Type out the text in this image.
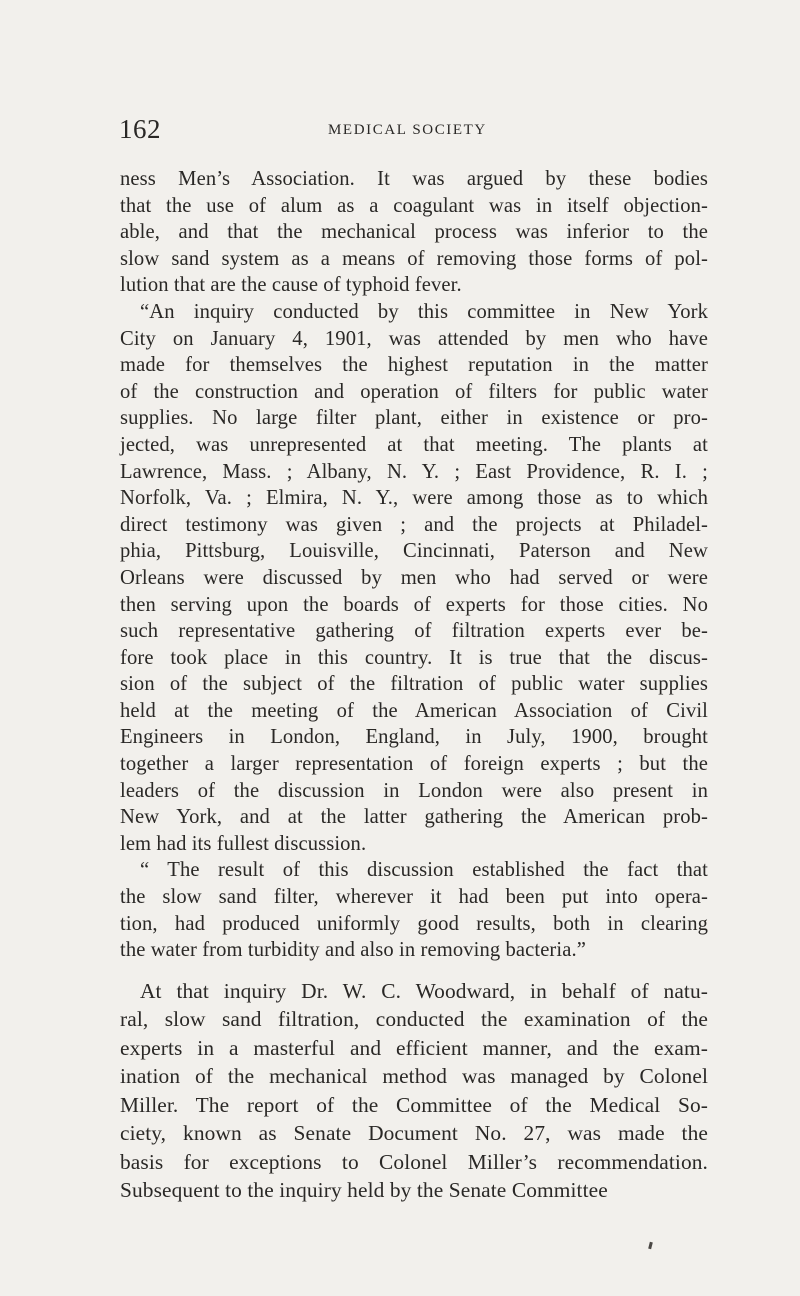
162	MEDICAL SOCIETY
ness Men’s Association. It was argued by these bodies
that the use of alum as a coagulant was in itself objection-
able, and that the mechanical process was inferior to the
slow sand system as a means of removing those forms of pol-
lution that are the cause of typhoid fever.
“An inquiry conducted by this committee in New York
City on January 4, 1901, was attended by men who have
made for themselves the highest reputation in the matter
of the construction and operation of filters for public water
supplies. No large filter plant, either in existence or pro-
jected, was unrepresented at that meeting. The plants at
Lawrence, Mass. ; Albany, N. Y. ; East Providence, R. I. ;
Norfolk, Va. ; Elmira, N. Y., were among those as to which
direct testimony was given ; and the projects at Philadel-
phia, Pittsburg, Louisville, Cincinnati, Paterson and New
Orleans were discussed by men who had served or were
then serving upon the boards of experts for those cities. No
such representative gathering of filtration experts ever be-
fore took place in this country. It is true that the discus-
sion of the subject of the filtration of public water supplies
held at the meeting of the American Association of Civil
Engineers in London, England, in July, 1900, brought
together a larger representation of foreign experts ; but the
leaders of the discussion in London were also present in
New York, and at the latter gathering the American prob-
lem had its fullest discussion.
“ The result of this discussion established the fact that
the slow sand filter, wherever it had been put into opera-
tion, had produced uniformly good results, both in clearing
the water from turbidity and also in removing bacteria.”
At that inquiry Dr. W. C. Woodward, in behalf of natu-
ral, slow sand filtration, conducted the examination of the
experts in a masterful and efficient manner, and the exam-
ination of the mechanical method was managed by Colonel
Miller. The report of the Committee of the Medical So-
ciety, known as Senate Document No. 27, was made the
basis for exceptions to Colonel Miller’s recommendation.
Subsequent to the inquiry held by the Senate Committee
